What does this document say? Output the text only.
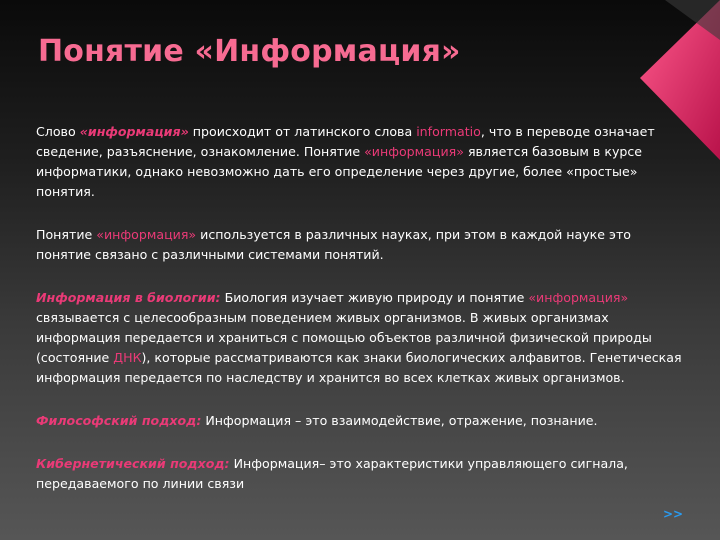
Понятие «Информация»

Слово «информация» происходит от латинского слова informatio, что в переводе означает сведение, разъяснение, ознакомление. Понятие «информация» является базовым в курсе информатики, однако невозможно дать его определение через другие, более «простые» понятия.

Понятие «информация» используется в различных науках, при этом в каждой науке это понятие связано с различными системами понятий.

Информация в биологии: Биология изучает живую природу и понятие «информация» связывается с целесообразным поведением живых организмов. В живых организмах информация передается и храниться с помощью объектов различной физической природы (состояние ДНК), которые рассматриваются как знаки биологических алфавитов. Генетическая информация передается по наследству и хранится во всех клетках живых организмов.

Философский подход: Информация – это взаимодействие, отражение, познание.

Кибернетический подход: Информация– это характеристики управляющего сигнала, передаваемого по линии связи

>>
